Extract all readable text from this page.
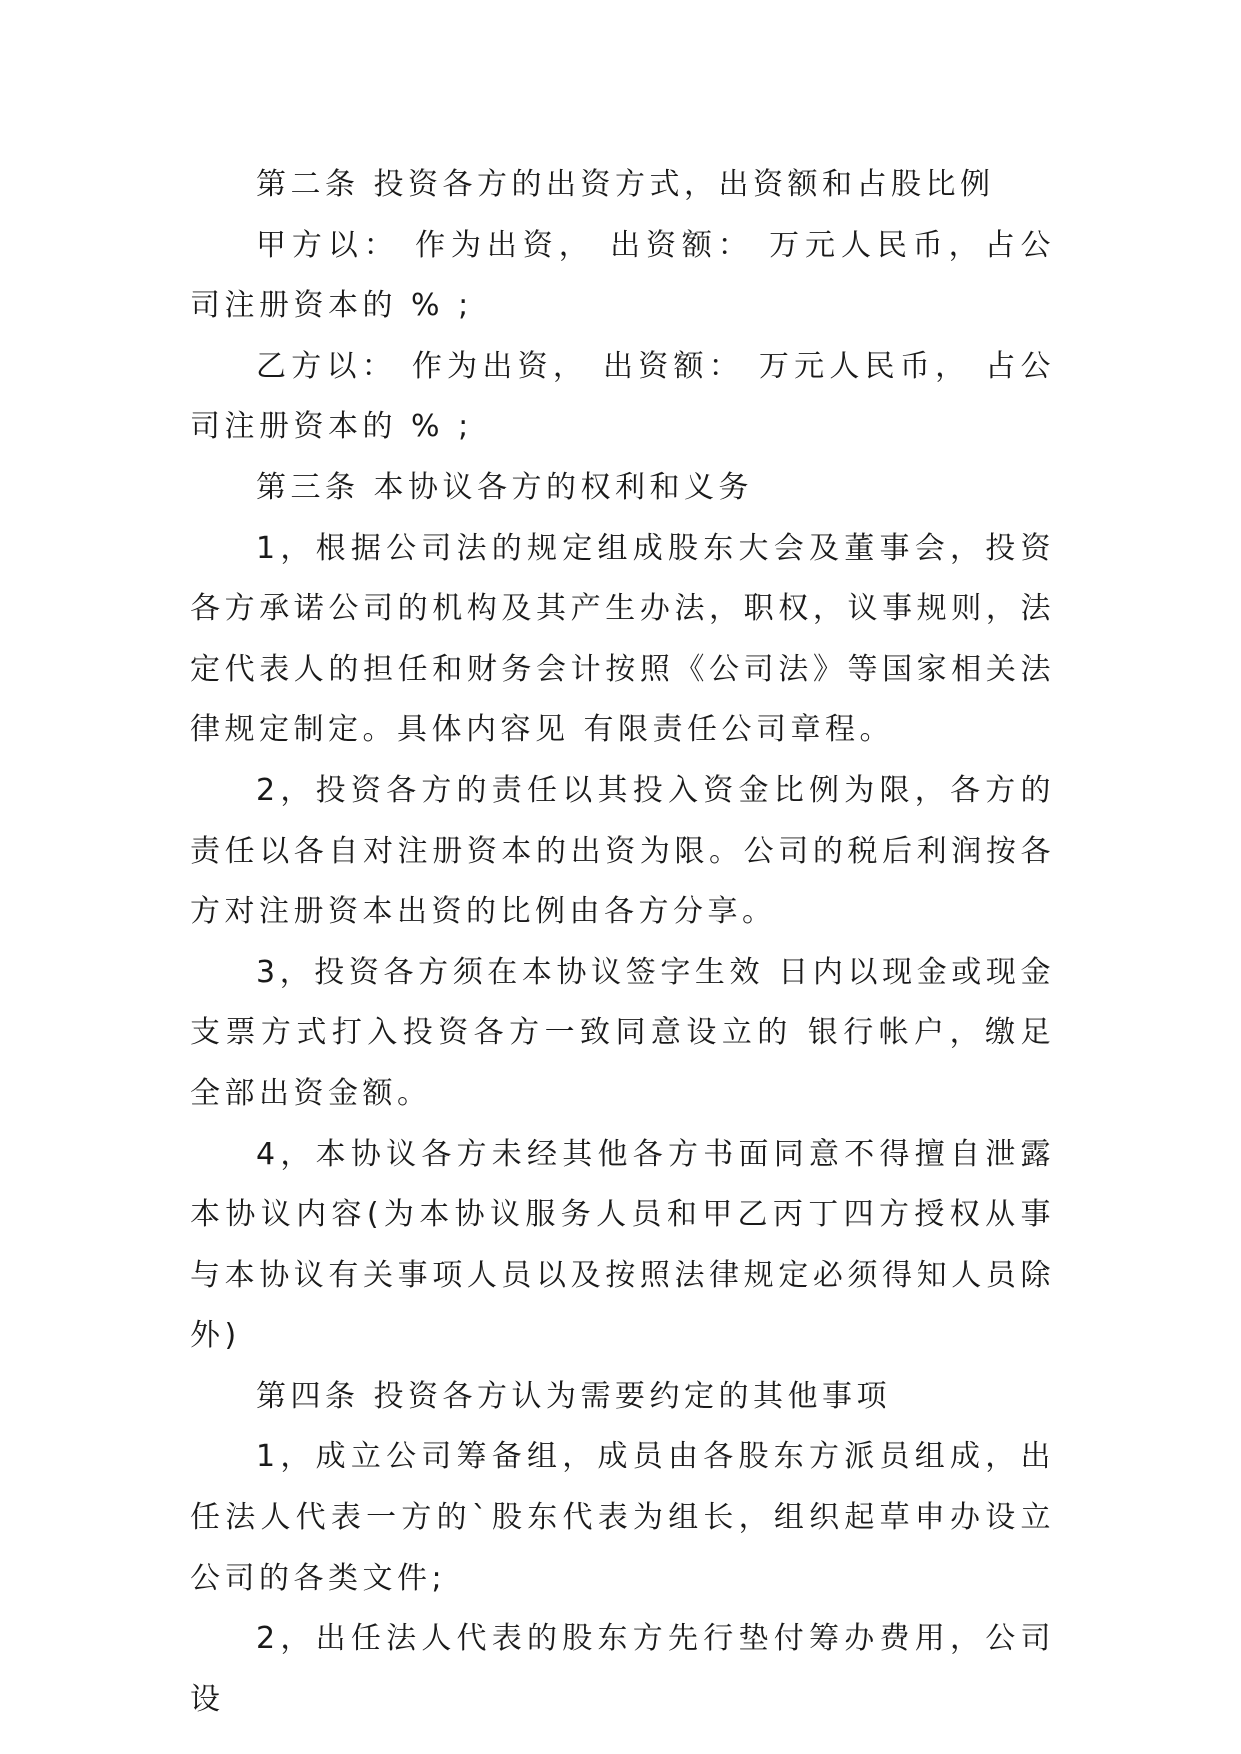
第二条 投资各方的出资方式，出资额和占股比例

甲方以： 作为出资， 出资额： 万元人民币，占公司注册资本的 % ;

乙方以： 作为出资， 出资额： 万元人民币， 占公司注册资本的 % ;

第三条 本协议各方的权利和义务

1，根据公司法的规定组成股东大会及董事会，投资各方承诺公司的机构及其产生办法，职权，议事规则，法定代表人的担任和财务会计按照《公司法》等国家相关法律规定制定。具体内容见 有限责任公司章程。

2，投资各方的责任以其投入资金比例为限，各方的责任以各自对注册资本的出资为限。公司的税后利润按各方对注册资本出资的比例由各方分享。

3，投资各方须在本协议签字生效 日内以现金或现金支票方式打入投资各方一致同意设立的 银行帐户，缴足全部出资金额。

4，本协议各方未经其他各方书面同意不得擅自泄露本协议内容(为本协议服务人员和甲乙丙丁四方授权从事与本协议有关事项人员以及按照法律规定必须得知人员除外)

第四条 投资各方认为需要约定的其他事项

1，成立公司筹备组，成员由各股东方派员组成，出任法人代表一方的`股东代表为组长，组织起草申办设立公司的各类文件;

2，出任法人代表的股东方先行垫付筹办费用，公司设
